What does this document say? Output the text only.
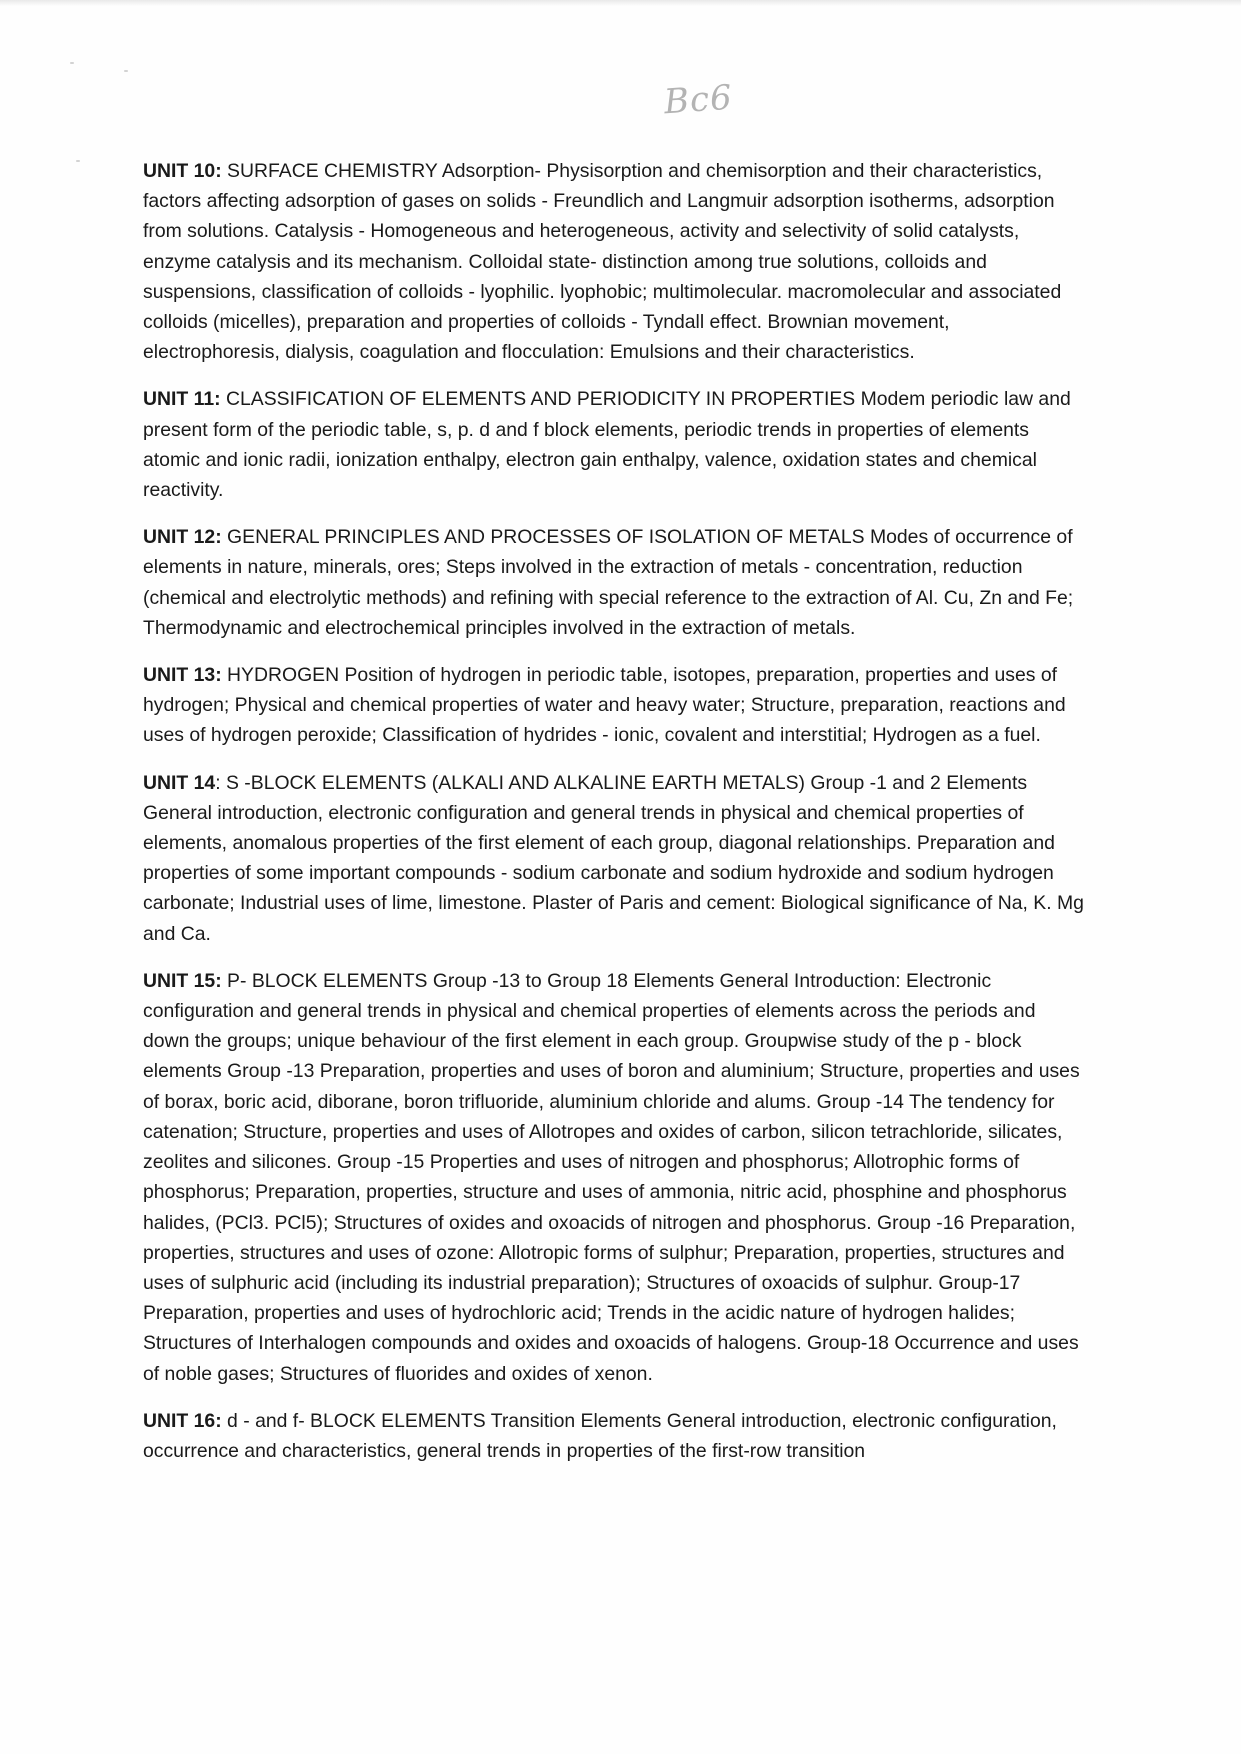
Bc6

UNIT 10: SURFACE CHEMISTRY Adsorption- Physisorption and chemisorption and their characteristics, factors affecting adsorption of gases on solids - Freundlich and Langmuir adsorption isotherms, adsorption from solutions. Catalysis - Homogeneous and heterogeneous, activity and selectivity of solid catalysts, enzyme catalysis and its mechanism. Colloidal state- distinction among true solutions, colloids and suspensions, classification of colloids - lyophilic. lyophobic; multimolecular. macromolecular and associated colloids (micelles), preparation and properties of colloids - Tyndall effect. Brownian movement, electrophoresis, dialysis, coagulation and flocculation: Emulsions and their characteristics.

UNIT 11: CLASSIFICATION OF ELEMENTS AND PERIODICITY IN PROPERTIES Modem periodic law and present form of the periodic table, s, p. d and f block elements, periodic trends in properties of elements atomic and ionic radii, ionization enthalpy, electron gain enthalpy, valence, oxidation states and chemical reactivity.

UNIT 12: GENERAL PRINCIPLES AND PROCESSES OF ISOLATION OF METALS Modes of occurrence of elements in nature, minerals, ores; Steps involved in the extraction of metals - concentration, reduction (chemical and electrolytic methods) and refining with special reference to the extraction of Al. Cu, Zn and Fe; Thermodynamic and electrochemical principles involved in the extraction of metals.

UNIT 13: HYDROGEN Position of hydrogen in periodic table, isotopes, preparation, properties and uses of hydrogen; Physical and chemical properties of water and heavy water; Structure, preparation, reactions and uses of hydrogen peroxide; Classification of hydrides - ionic, covalent and interstitial; Hydrogen as a fuel.

UNIT 14: S -BLOCK ELEMENTS (ALKALI AND ALKALINE EARTH METALS) Group -1 and 2 Elements General introduction, electronic configuration and general trends in physical and chemical properties of elements, anomalous properties of the first element of each group, diagonal relationships. Preparation and properties of some important compounds - sodium carbonate and sodium hydroxide and sodium hydrogen carbonate; Industrial uses of lime, limestone. Plaster of Paris and cement: Biological significance of Na, K. Mg and Ca.

UNIT 15: P- BLOCK ELEMENTS Group -13 to Group 18 Elements General Introduction: Electronic configuration and general trends in physical and chemical properties of elements across the periods and down the groups; unique behaviour of the first element in each group. Groupwise study of the p - block elements Group -13 Preparation, properties and uses of boron and aluminium; Structure, properties and uses of borax, boric acid, diborane, boron trifluoride, aluminium chloride and alums. Group -14 The tendency for catenation; Structure, properties and uses of Allotropes and oxides of carbon, silicon tetrachloride, silicates, zeolites and silicones. Group -15 Properties and uses of nitrogen and phosphorus; Allotrophic forms of phosphorus; Preparation, properties, structure and uses of ammonia, nitric acid, phosphine and phosphorus halides, (PCl3. PCl5); Structures of oxides and oxoacids of nitrogen and phosphorus. Group -16 Preparation, properties, structures and uses of ozone: Allotropic forms of sulphur; Preparation, properties, structures and uses of sulphuric acid (including its industrial preparation); Structures of oxoacids of sulphur. Group-17 Preparation, properties and uses of hydrochloric acid; Trends in the acidic nature of hydrogen halides; Structures of Interhalogen compounds and oxides and oxoacids of halogens. Group-18 Occurrence and uses of noble gases; Structures of fluorides and oxides of xenon.

UNIT 16: d - and f- BLOCK ELEMENTS Transition Elements General introduction, electronic configuration, occurrence and characteristics, general trends in properties of the first-row transition
